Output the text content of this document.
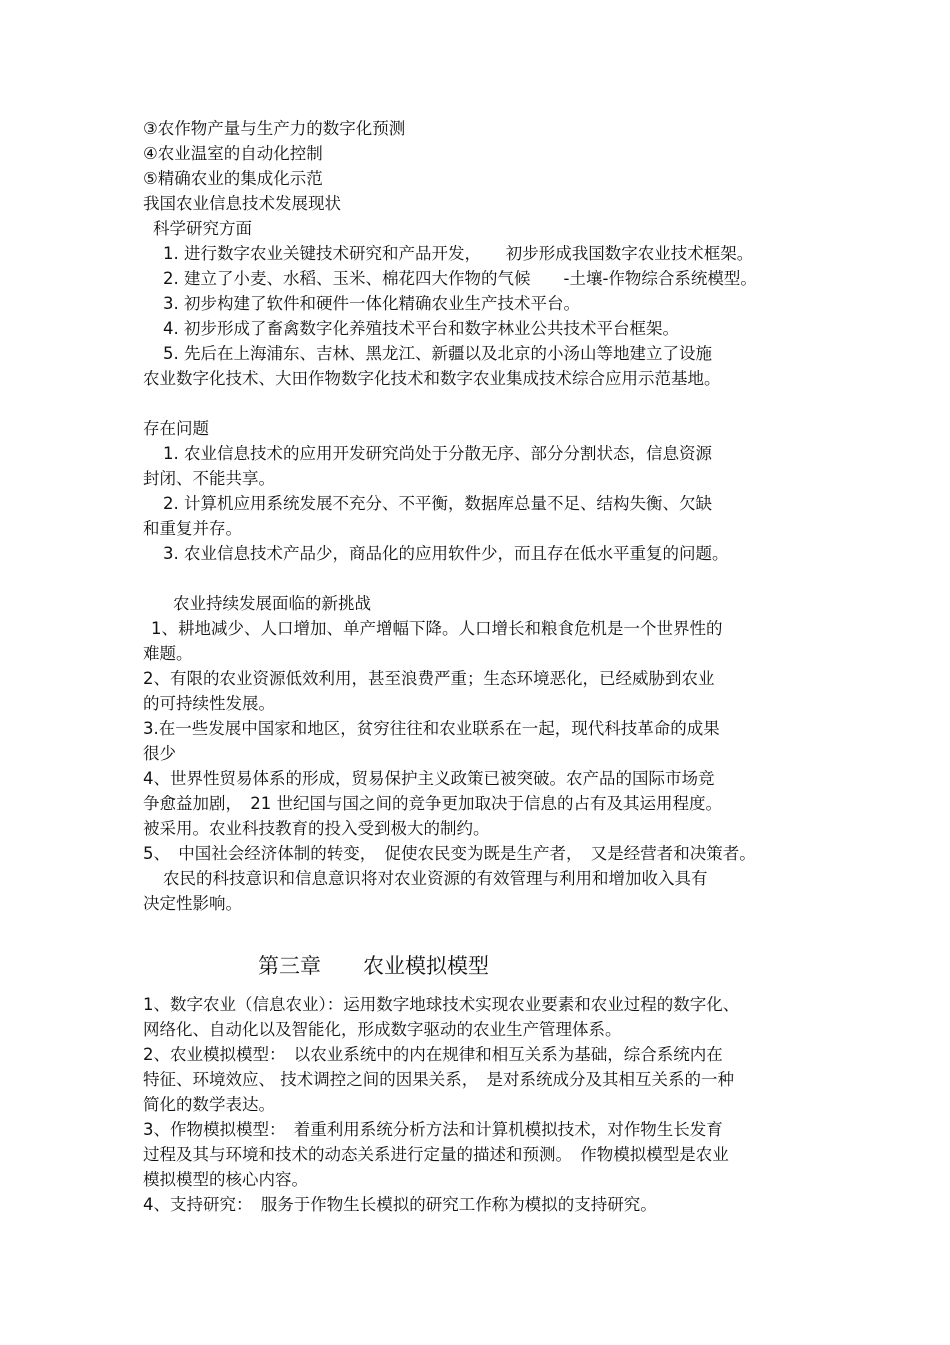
③农作物产量与生产力的数字化预测
④农业温室的自动化控制
⑤精确农业的集成化示范
我国农业信息技术发展现状
科学研究方面
1. 进行数字农业关键技术研究和产品开发，　　初步形成我国数字农业技术框架。
2. 建立了小麦、水稻、玉米、棉花四大作物的气候　　-土壤-作物综合系统模型。
3. 初步构建了软件和硬件一体化精确农业生产技术平台。
4. 初步形成了畜禽数字化养殖技术平台和数字林业公共技术平台框架。
5. 先后在上海浦东、吉林、黑龙江、新疆以及北京的小汤山等地建立了设施
农业数字化技术、大田作物数字化技术和数字农业集成技术综合应用示范基地。
存在问题
1. 农业信息技术的应用开发研究尚处于分散无序、部分分割状态，信息资源
封闭、不能共享。
2. 计算机应用系统发展不充分、不平衡，数据库总量不足、结构失衡、欠缺
和重复并存。
3. 农业信息技术产品少，商品化的应用软件少，而且存在低水平重复的问题。
农业持续发展面临的新挑战
1、耕地减少、人口增加、单产增幅下降。人口增长和粮食危机是一个世界性的
难题。
2、有限的农业资源低效利用，甚至浪费严重；生态环境恶化，已经威胁到农业
的可持续性发展。
3.在一些发展中国家和地区，贫穷往往和农业联系在一起，现代科技革命的成果
很少
4、世界性贸易体系的形成，贸易保护主义政策已被突破。农产品的国际市场竞
争愈益加剧，　21 世纪国与国之间的竞争更加取决于信息的占有及其运用程度。
被采用。农业科技教育的投入受到极大的制约。
5、　中国社会经济体制的转变，　促使农民变为既是生产者，　又是经营者和决策者。
农民的科技意识和信息意识将对农业资源的有效管理与利用和增加收入具有
决定性影响。
第三章　　农业模拟模型
1、数字农业（信息农业）：运用数字地球技术实现农业要素和农业过程的数字化、
网络化、自动化以及智能化，形成数字驱动的农业生产管理体系。
2、农业模拟模型：　以农业系统中的内在规律和相互关系为基础，综合系统内在
特征、环境效应、 技术调控之间的因果关系，　是对系统成分及其相互关系的一种
简化的数学表达。
3、作物模拟模型：　着重利用系统分析方法和计算机模拟技术，对作物生长发育
过程及其与环境和技术的动态关系进行定量的描述和预测。　作物模拟模型是农业
模拟模型的核心内容。
4、支持研究：　服务于作物生长模拟的研究工作称为模拟的支持研究。
